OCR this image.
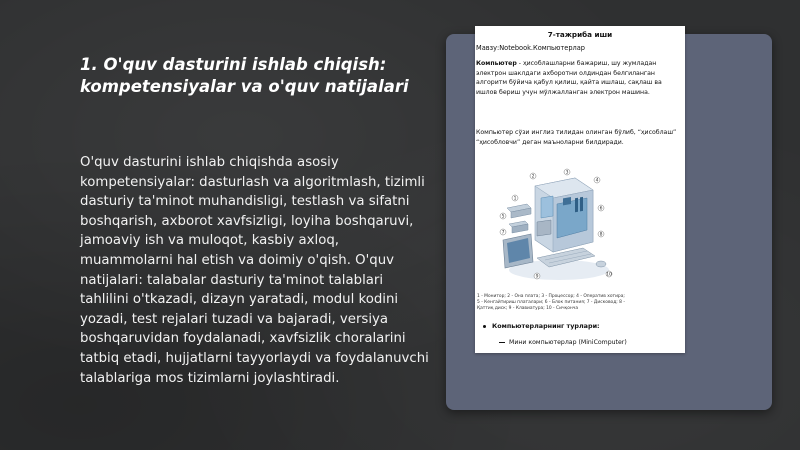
1. O'quv dasturini ishlab chiqish: kompetensiyalar va o'quv natijalari

O'quv dasturini ishlab chiqishda asosiy kompetensiyalar: dasturlash va algoritmlash, tizimli dasturiy ta'minot muhandisligi, testlash va sifatni boshqarish, axborot xavfsizligi, loyiha boshqaruvi, jamoaviy ish va muloqot, kasbiy axloq, muammolarni hal etish va doimiy o'qish. O'quv natijalari: talabalar dasturiy ta'minot talablari tahlilini o'tkazadi, dizayn yaratadi, modul kodini yozadi, test rejalari tuzadi va bajaradi, versiya boshqaruvidan foydalanadi, xavfsizlik choralarini tatbiq etadi, hujjatlarni tayyorlaydi va foydalanuvchi talablariga mos tizimlarni joylashtiradi.

7-тажриба иши
Мавзу:Notebook.Компьютерлар
Компьютер - ҳисоблашларни бажариш, шу жумладан электрон шаклдаги ахборотни олдиндан белгиланган алгоритм бўйича қабул қилиш, қайта ишлаш, сақлаш ва ишлов бериш учун мўлжалланган электрон машина.
Компьютер сўзи инглиз тилидан олинган бўлиб, “ҳисоблаш” “ҳисобловчи” деган маъноларни билдиради.
1
2
3
4
5
6
7	8
9	10
1 - Монитор; 2 - Она плата; 3 - Процессор; 4 - Оператив хотира; 5 - Кенгайтириш платалари; 6 - Блок питания; 7 - Дисковод; 8 - Қаттиқ диск; 9 - Клавиатура; 10 - Сичқонча
Компьютерларнинг турлари:
Мини компьютерлар (MiniComputer)
